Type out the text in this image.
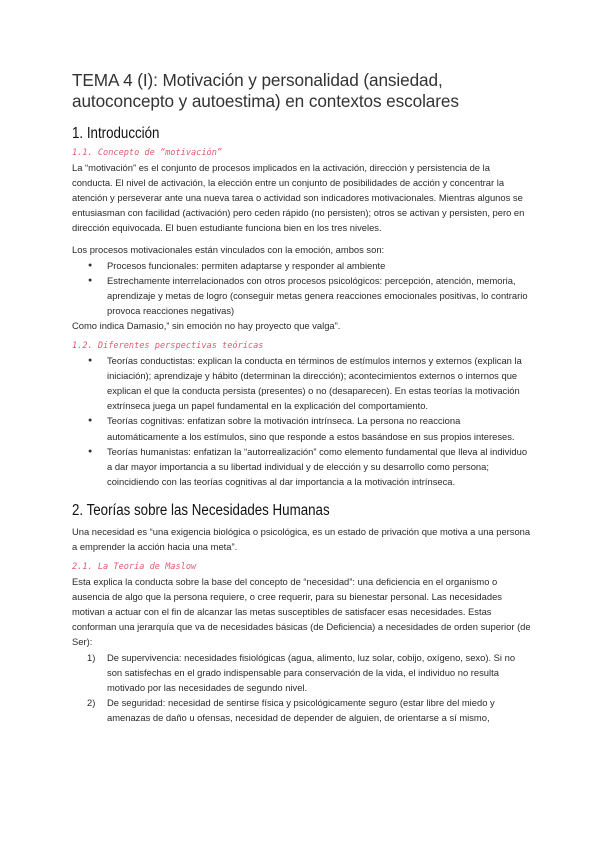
TEMA 4 (I): Motivación y personalidad (ansiedad, autoconcepto y autoestima) en contextos escolares
1. Introducción
1.1. Concepto de “motivación”

La “motivación” es el conjunto de procesos implicados en la activación, dirección y persistencia de la conducta. El nivel de activación, la elección entre un conjunto de posibilidades de acción y concentrar la atención y perseverar ante una nueva tarea o actividad son indicadores motivacionales. Mientras algunos se entusiasman con facilidad (activación) pero ceden rápido (no persisten); otros se activan y persisten, pero en dirección equivocada. El buen estudiante funciona bien en los tres niveles.

Los procesos motivacionales están vinculados con la emoción, ambos son:

● Procesos funcionales: permiten adaptarse y responder al ambiente
● Estrechamente interrelacionados con otros procesos psicológicos: percepción, atención, memoria, aprendizaje y metas de logro (conseguir metas genera reacciones emocionales positivas, lo contrario provoca reacciones negativas)

Como indica Damasio,” sin emoción no hay proyecto que valga”.

1.2. Diferentes perspectivas teóricas
● Teorías conductistas: explican la conducta en términos de estímulos internos y externos (explican la iniciación); aprendizaje y hábito (determinan la dirección); acontecimientos externos o internos que explican el que la conducta persista (presentes) o no (desaparecen). En estas teorías la motivación extrínseca juega un papel fundamental en la explicación del comportamiento.
● Teorías cognitivas: enfatizan sobre la motivación intrínseca. La persona no reacciona automáticamente a los estímulos, sino que responde a estos basándose en sus propios intereses.
● Teorías humanistas: enfatizan la “autorrealización” como elemento fundamental que lleva al individuo a dar mayor importancia a su libertad individual y de elección y su desarrollo como persona; coincidiendo con las teorías cognitivas al dar importancia a la motivación intrínseca.
2. Teorías sobre las Necesidades Humanas

Una necesidad es “una exigencia biológica o psicológica, es un estado de privación que motiva a una persona a emprender la acción hacia una meta”.

2.1. La Teoría de Maslow

Esta explica la conducta sobre la base del concepto de “necesidad”: una deficiencia en el organismo o ausencia de algo que la persona requiere, o cree requerir, para su bienestar personal. Las necesidades motivan a actuar con el fin de alcanzar las metas susceptibles de satisfacer esas necesidades. Estas conforman una jerarquía que va de necesidades básicas (de Deficiencia) a necesidades de orden superior (de Ser):

1) De supervivencia: necesidades fisiológicas (agua, alimento, luz solar, cobijo, oxígeno, sexo). Si no son satisfechas en el grado indispensable para conservación de la vida, el individuo no resulta motivado por las necesidades de segundo nivel.
2) De seguridad: necesidad de sentirse física y psicológicamente seguro (estar libre del miedo y amenazas de daño u ofensas, necesidad de depender de alguien, de orientarse a sí mismo,
